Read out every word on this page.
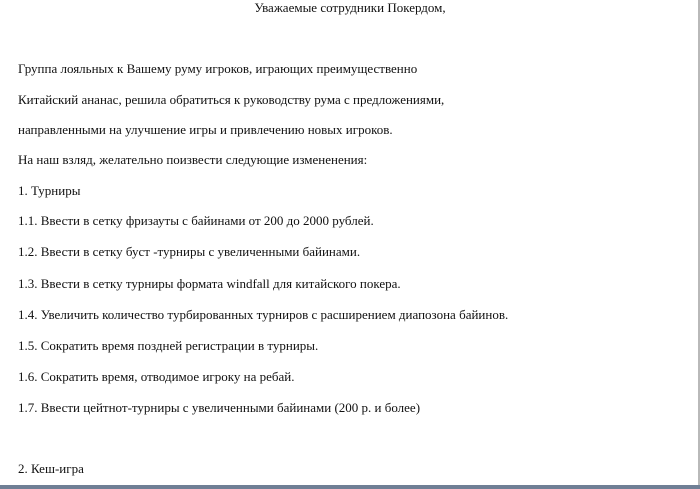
Уважаемые сотрудники Покердом,
Группа лояльных к Вашему руму игроков, играющих преимущественно
Китайский ананас, решила обратиться к руководству рума с предложениями,
направленными на улучшение игры и привлечению новых игроков.
На наш взляд, желательно поизвести следующие измененения:
1. Турниры
1.1. Ввести в сетку фризауты с байинами от 200 до 2000 рублей.
1.2. Ввести в сетку буст -турниры с увеличенными байинами.
1.3. Ввести в сетку турниры формата windfall для китайского покера.
1.4. Увеличить количество турбированных турниров с расширением диапозона байинов.
1.5. Сократить время поздней регистрации в турниры.
1.6. Сократить время, отводимое игроку на ребай.
1.7. Ввести цейтнот-турниры с увеличенными байинами (200 р. и более)
2. Кеш-игра
